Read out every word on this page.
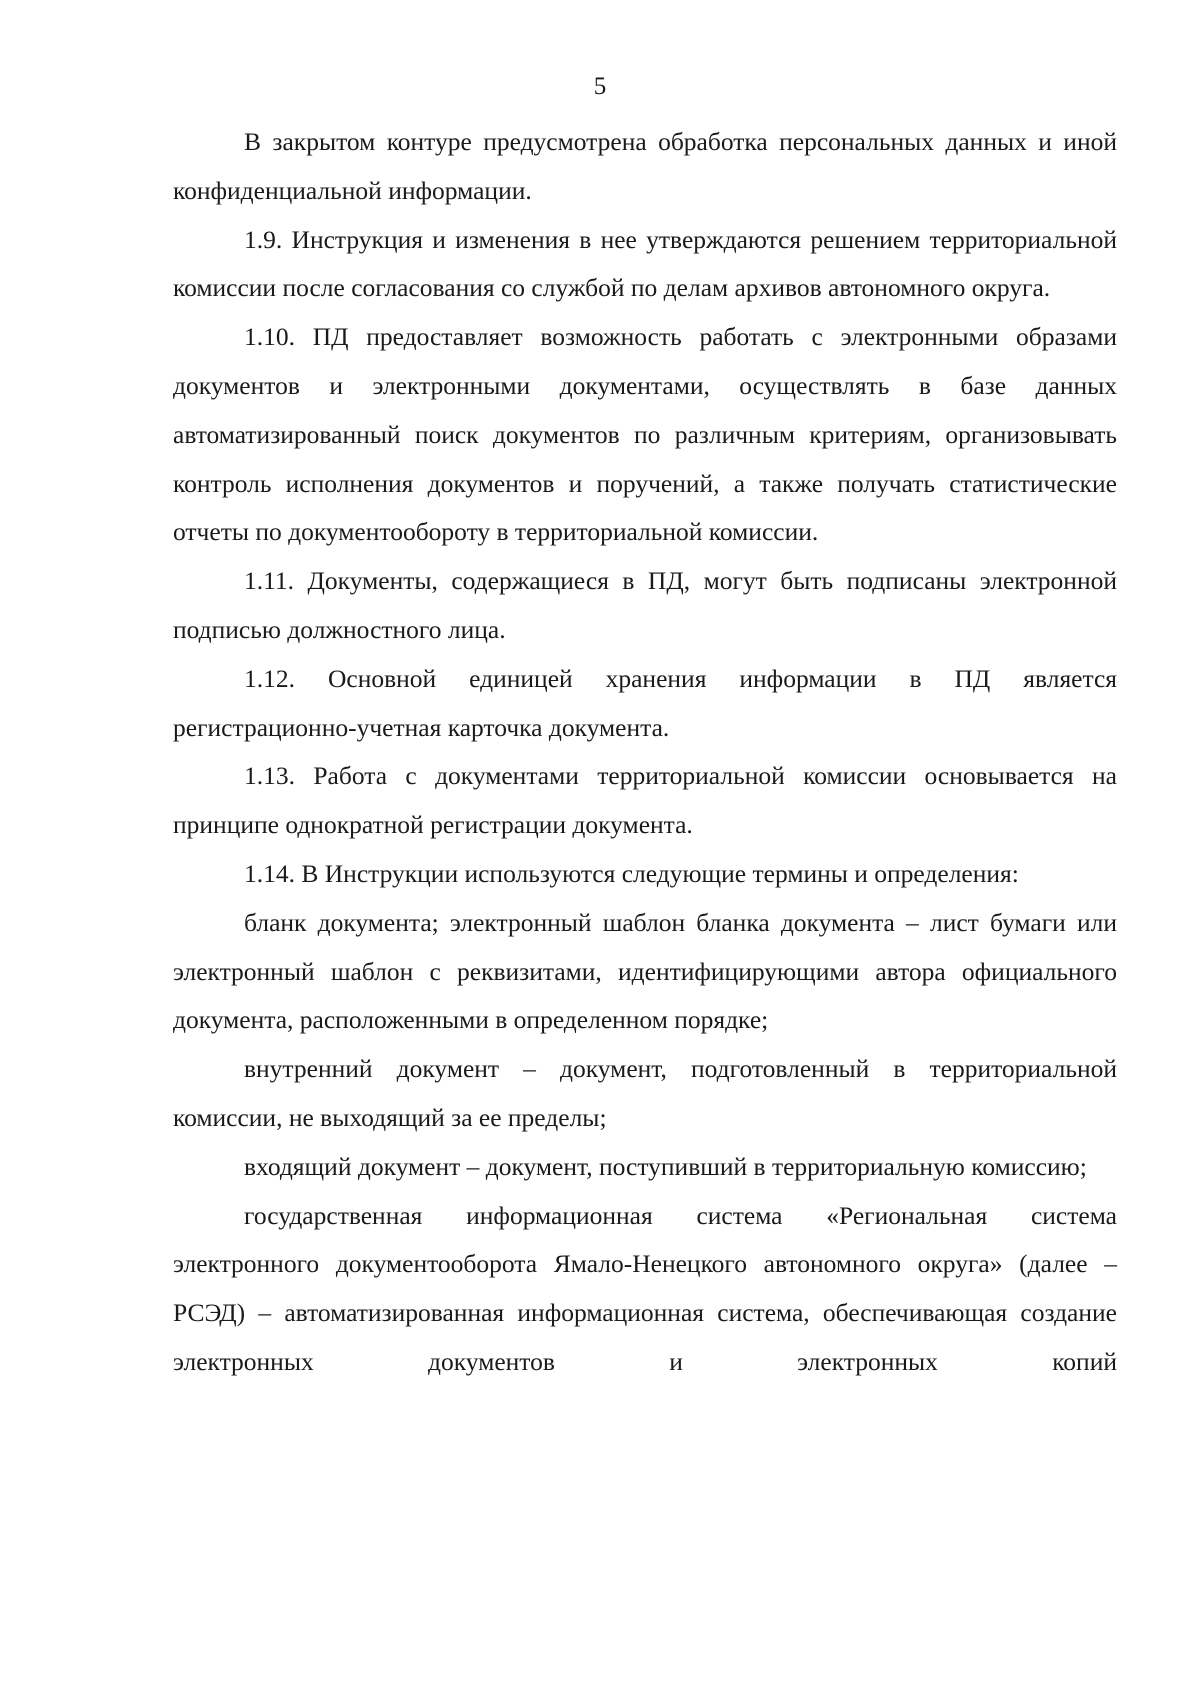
5

В закрытом контуре предусмотрена обработка персональных данных и иной конфиденциальной информации.

1.9. Инструкция и изменения в нее утверждаются решением территориальной комиссии после согласования со службой по делам архивов автономного округа.

1.10. ПД предоставляет возможность работать с электронными образами документов и электронными документами, осуществлять в базе данных автоматизированный поиск документов по различным критериям, организовывать контроль исполнения документов и поручений, а также получать статистические отчеты по документообороту в территориальной комиссии.

1.11. Документы, содержащиеся в ПД, могут быть подписаны электронной подписью должностного лица.

1.12. Основной единицей хранения информации в ПД является регистрационно-учетная карточка документа.

1.13. Работа с документами территориальной комиссии основывается на принципе однократной регистрации документа.

1.14. В Инструкции используются следующие термины и определения:

бланк документа; электронный шаблон бланка документа – лист бумаги или электронный шаблон с реквизитами, идентифицирующими автора официального документа, расположенными в определенном порядке;

внутренний документ – документ, подготовленный в территориальной комиссии, не выходящий за ее пределы;

входящий документ – документ, поступивший в территориальную комиссию;

государственная информационная система «Региональная система электронного документооборота Ямало-Ненецкого автономного округа» (далее – РСЭД) – автоматизированная информационная система, обеспечивающая создание электронных документов и электронных копий
